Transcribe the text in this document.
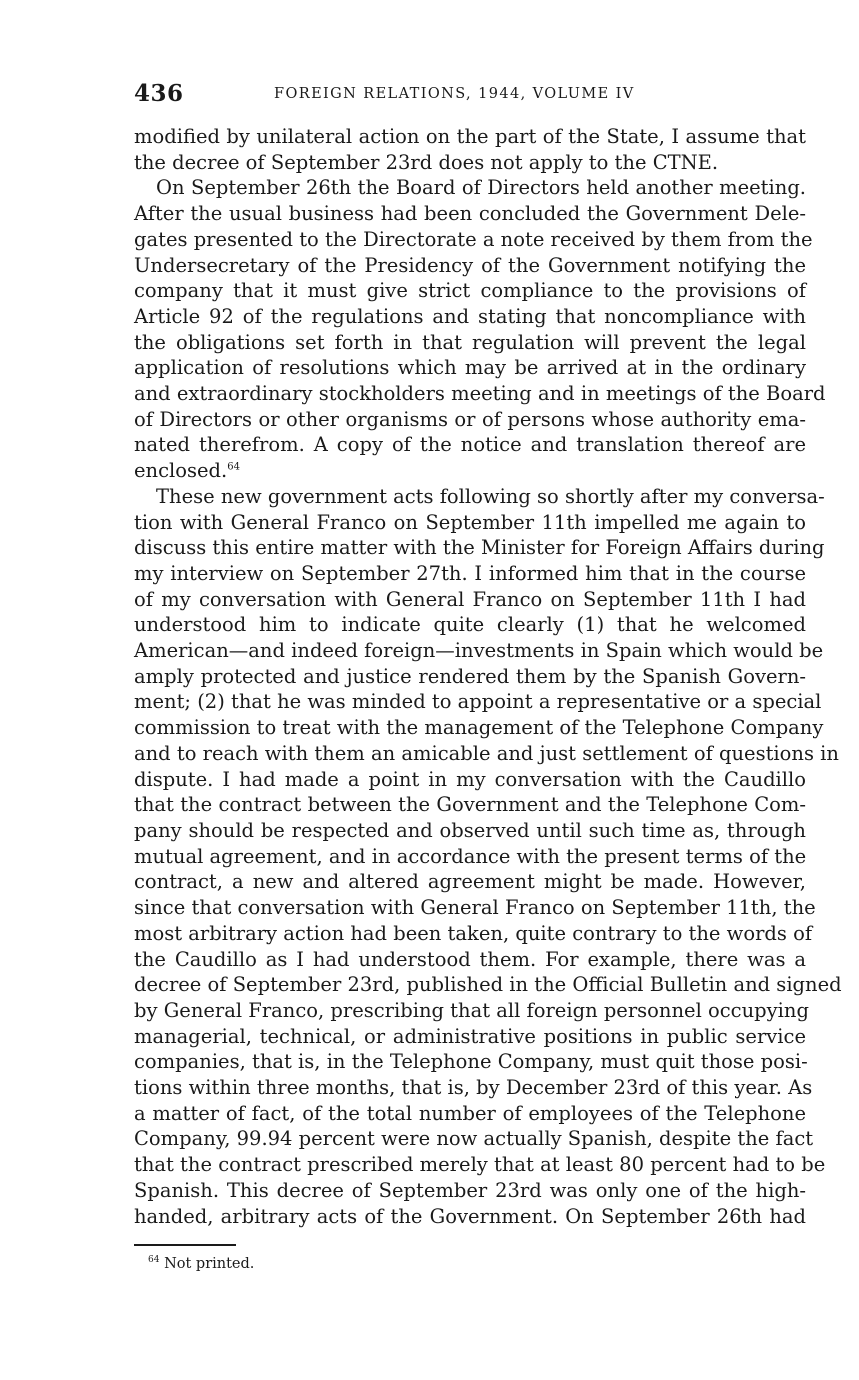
436	FOREIGN RELATIONS, 1944, VOLUME IV

modified by unilateral action on the part of the State, I assume that
the decree of September 23rd does not apply to the CTNE.

On September 26th the Board of Directors held another meeting.
After the usual business had been concluded the Government Dele-
gates presented to the Directorate a note received by them from the
Undersecretary of the Presidency of the Government notifying the
company that it must give strict compliance to the provisions of
Article 92 of the regulations and stating that noncompliance with
the obligations set forth in that regulation will prevent the legal
application of resolutions which may be arrived at in the ordinary
and extraordinary stockholders meeting and in meetings of the Board
of Directors or other organisms or of persons whose authority ema-
nated therefrom. A copy of the notice and translation thereof are
enclosed.$^{64}$

These new government acts following so shortly after my conversa-
tion with General Franco on September 11th impelled me again to
discuss this entire matter with the Minister for Foreign Affairs during
my interview on September 27th. I informed him that in the course
of my conversation with General Franco on September 11th I had
understood him to indicate quite clearly (1) that he welcomed
American—and indeed foreign—investments in Spain which would be
amply protected and justice rendered them by the Spanish Govern-
ment; (2) that he was minded to appoint a representative or a special
commission to treat with the management of the Telephone Company
and to reach with them an amicable and just settlement of questions in
dispute. I had made a point in my conversation with the Caudillo
that the contract between the Government and the Telephone Com-
pany should be respected and observed until such time as, through
mutual agreement, and in accordance with the present terms of the
contract, a new and altered agreement might be made. However,
since that conversation with General Franco on September 11th, the
most arbitrary action had been taken, quite contrary to the words of
the Caudillo as I had understood them. For example, there was a
decree of September 23rd, published in the Official Bulletin and signed
by General Franco, prescribing that all foreign personnel occupying
managerial, technical, or administrative positions in public service
companies, that is, in the Telephone Company, must quit those posi-
tions within three months, that is, by December 23rd of this year. As
a matter of fact, of the total number of employees of the Telephone
Company, 99.94 percent were now actually Spanish, despite the fact
that the contract prescribed merely that at least 80 percent had to be
Spanish. This decree of September 23rd was only one of the high-
handed, arbitrary acts of the Government. On September 26th had

$^{64}$ Not printed.
